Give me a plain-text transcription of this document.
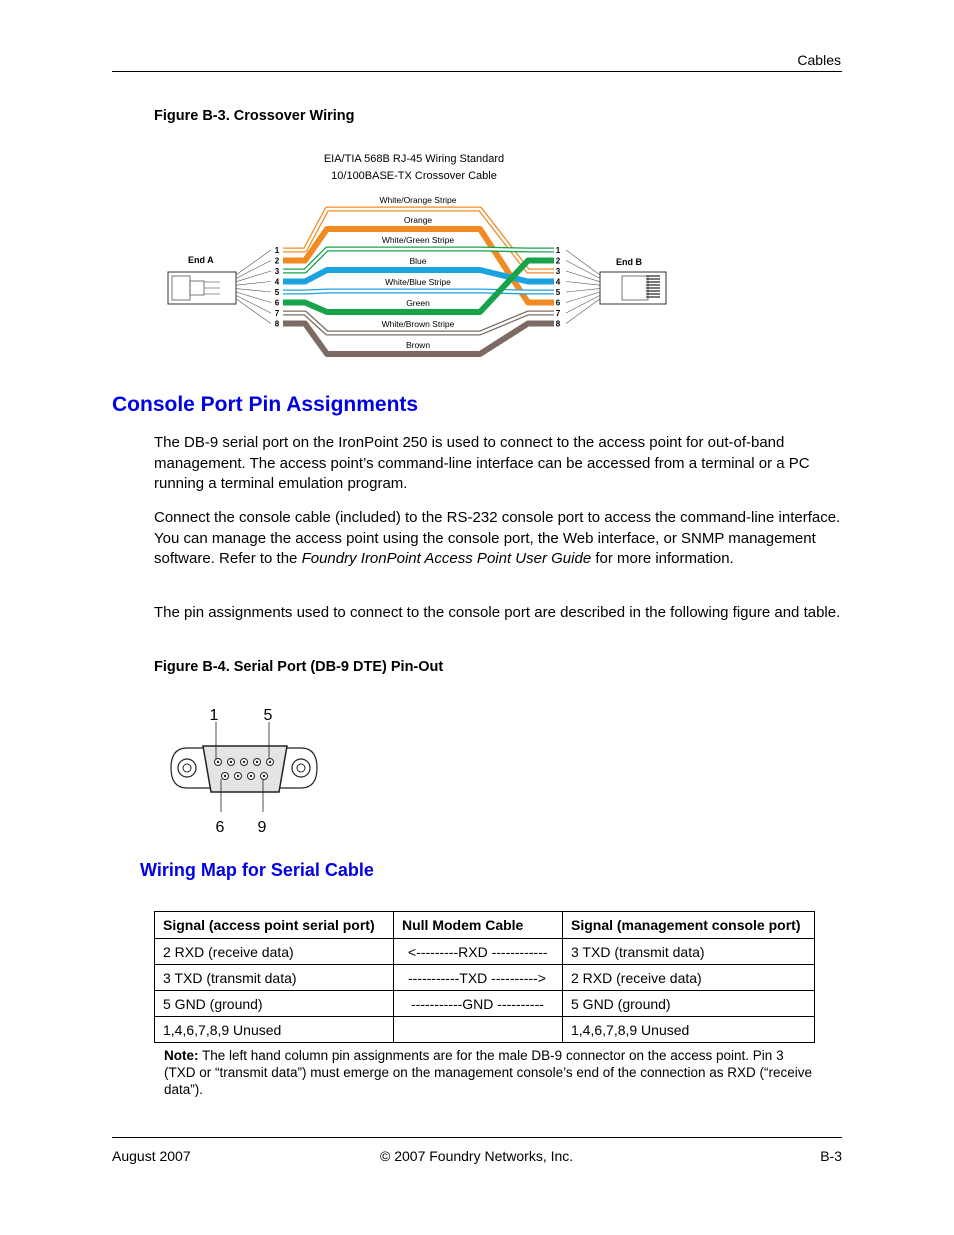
Cables
Figure B-3. Crossover Wiring
EIA/TIA 568B RJ-45 Wiring Standard
10/100BASE-TX Crossover Cable
End A	End B
1
2
3
4
5
6
7
8
1
2
3
4
5
6
7
8
White/Orange Stripe
Orange
White/Green Stripe
Blue
White/Blue Stripe
Green
White/Brown Stripe
Brown
Console Port Pin Assignments

The DB-9 serial port on the IronPoint 250 is used to connect to the access point for out-of-band management. The access point’s command-line interface can be accessed from a terminal or a PC running a terminal emulation program.

Connect the console cable (included) to the RS-232 console port to access the command-line interface. You can manage the access point using the console port, the Web interface, or SNMP management software. Refer to the Foundry IronPoint Access Point User Guide for more information.

The pin assignments used to connect to the console port are described in the following figure and table.

Figure B-4. Serial Port (DB-9 DTE) Pin-Out
1	5
6 9
Wiring Map for Serial Cable
Signal (access point serial port)	Null Modem Cable	Signal (management console port)
2 RXD (receive data)	<---------RXD ------------	3 TXD (transmit data)
3 TXD (transmit data)	-----------TXD ---------->	2 RXD (receive data)
5 GND (ground)	-----------GND ----------	5 GND (ground)
1,4,6,7,8,9 Unused		1,4,6,7,8,9 Unused
Note: The left hand column pin assignments are for the male DB-9 connector on the access point. Pin 3 (TXD or “transmit data”) must emerge on the management console’s end of the connection as RXD (“receive data”).
August 2007	© 2007 Foundry Networks, Inc.	B-3
